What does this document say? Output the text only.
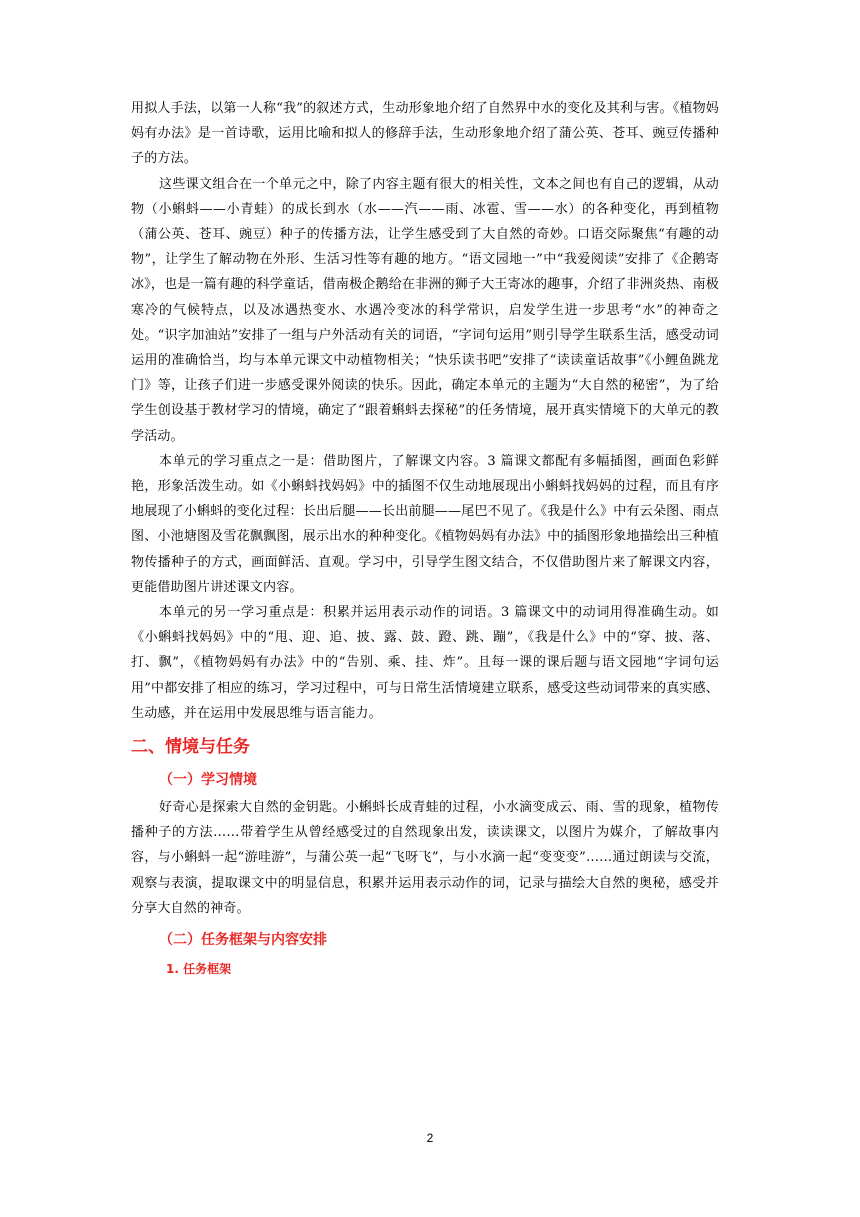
用拟人手法，以第一人称“我”的叙述方式，生动形象地介绍了自然界中水的变化及其利与害。《植物妈妈有办法》是一首诗歌，运用比喻和拟人的修辞手法，生动形象地介绍了蒲公英、苍耳、豌豆传播种子的方法。

这些课文组合在一个单元之中，除了内容主题有很大的相关性，文本之间也有自己的逻辑，从动物（小蝌蚪——小青蛙）的成长到水（水——汽——雨、冰雹、雪——水）的各种变化，再到植物（蒲公英、苍耳、豌豆）种子的传播方法，让学生感受到了大自然的奇妙。口语交际聚焦“有趣的动物”，让学生了解动物在外形、生活习性等有趣的地方。“语文园地一”中“我爱阅读”安排了《企鹅寄冰》，也是一篇有趣的科学童话，借南极企鹅给在非洲的狮子大王寄冰的趣事，介绍了非洲炎热、南极寒冷的气候特点，以及冰遇热变水、水遇冷变冰的科学常识，启发学生进一步思考“水”的神奇之处。“识字加油站”安排了一组与户外活动有关的词语，“字词句运用”则引导学生联系生活，感受动词运用的准确恰当，均与本单元课文中动植物相关；“快乐读书吧”安排了“读读童话故事”《小鲤鱼跳龙门》等，让孩子们进一步感受课外阅读的快乐。因此，确定本单元的主题为“大自然的秘密”，为了给学生创设基于教材学习的情境，确定了“跟着蝌蚪去探秘”的任务情境，展开真实情境下的大单元的教学活动。

本单元的学习重点之一是：借助图片，了解课文内容。3 篇课文都配有多幅插图，画面色彩鲜艳，形象活泼生动。如《小蝌蚪找妈妈》中的插图不仅生动地展现出小蝌蚪找妈妈的过程，而且有序地展现了小蝌蚪的变化过程：长出后腿——长出前腿——尾巴不见了。《我是什么》中有云朵图、雨点图、小池塘图及雪花飘飘图，展示出水的种种变化。《植物妈妈有办法》中的插图形象地描绘出三种植物传播种子的方式，画面鲜活、直观。学习中，引导学生图文结合，不仅借助图片来了解课文内容，更能借助图片讲述课文内容。

本单元的另一学习重点是：积累并运用表示动作的词语。3 篇课文中的动词用得准确生动。如《小蝌蚪找妈妈》中的“甩、迎、追、披、露、鼓、蹬、跳、蹦”，《我是什么》中的“穿、披、落、打、飘”，《植物妈妈有办法》中的“告别、乘、挂、炸”。且每一课的课后题与语文园地“字词句运用”中都安排了相应的练习，学习过程中，可与日常生活情境建立联系，感受这些动词带来的真实感、生动感，并在运用中发展思维与语言能力。

二、情境与任务
（一）学习情境

好奇心是探索大自然的金钥匙。小蝌蚪长成青蛙的过程，小水滴变成云、雨、雪的现象，植物传播种子的方法……带着学生从曾经感受过的自然现象出发，读读课文，以图片为媒介，了解故事内容，与小蝌蚪一起“游哇游”，与蒲公英一起“飞呀飞”，与小水滴一起“变变变”……通过朗读与交流，观察与表演，提取课文中的明显信息，积累并运用表示动作的词，记录与描绘大自然的奥秘，感受并分享大自然的神奇。

（二）任务框架与内容安排
1. 任务框架
2
